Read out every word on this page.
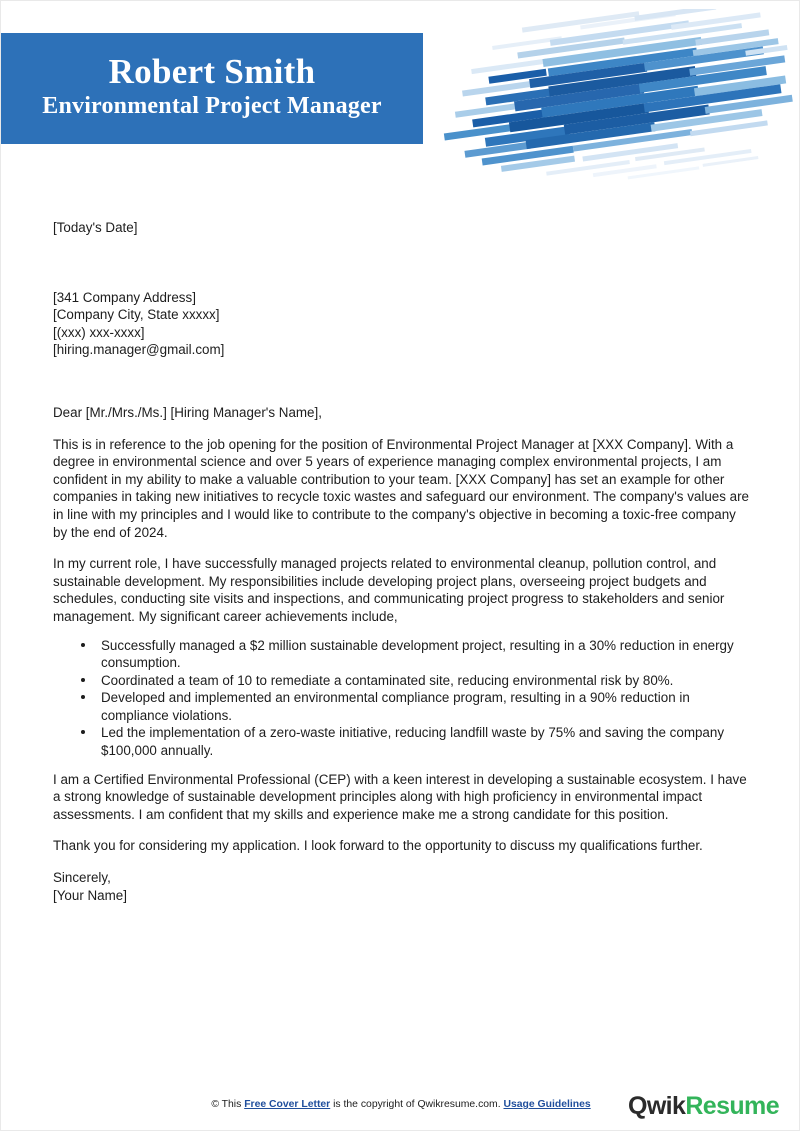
Robert Smith
Environmental Project Manager
[Today's Date]
[341 Company Address]
[Company City, State xxxxx]
[(xxx) xxx-xxxx]
[hiring.manager@gmail.com]
Dear [Mr./Mrs./Ms.] [Hiring Manager's Name],

This is in reference to the job opening for the position of Environmental Project Manager at [XXX Company]. With a degree in environmental science and over 5 years of experience managing complex environmental projects, I am confident in my ability to make a valuable contribution to your team. [XXX Company] has set an example for other companies in taking new initiatives to recycle toxic wastes and safeguard our environment. The company's values are in line with my principles and I would like to contribute to the company's objective in becoming a toxic-free company by the end of 2024.

In my current role, I have successfully managed projects related to environmental cleanup, pollution control, and sustainable development. My responsibilities include developing project plans, overseeing project budgets and schedules, conducting site visits and inspections, and communicating project progress to stakeholders and senior management. My significant career achievements include,

Successfully managed a $2 million sustainable development project, resulting in a 30% reduction in energy consumption.
Coordinated a team of 10 to remediate a contaminated site, reducing environmental risk by 80%.
Developed and implemented an environmental compliance program, resulting in a 90% reduction in compliance violations.
Led the implementation of a zero-waste initiative, reducing landfill waste by 75% and saving the company $100,000 annually.

I am a Certified Environmental Professional (CEP) with a keen interest in developing a sustainable ecosystem. I have a strong knowledge of sustainable development principles along with high proficiency in environmental impact assessments. I am confident that my skills and experience make me a strong candidate for this position.

Thank you for considering my application. I look forward to the opportunity to discuss my qualifications further.

Sincerely,
[Your Name]
© This Free Cover Letter is the copyright of Qwikresume.com. Usage Guidelines	QwikResume
